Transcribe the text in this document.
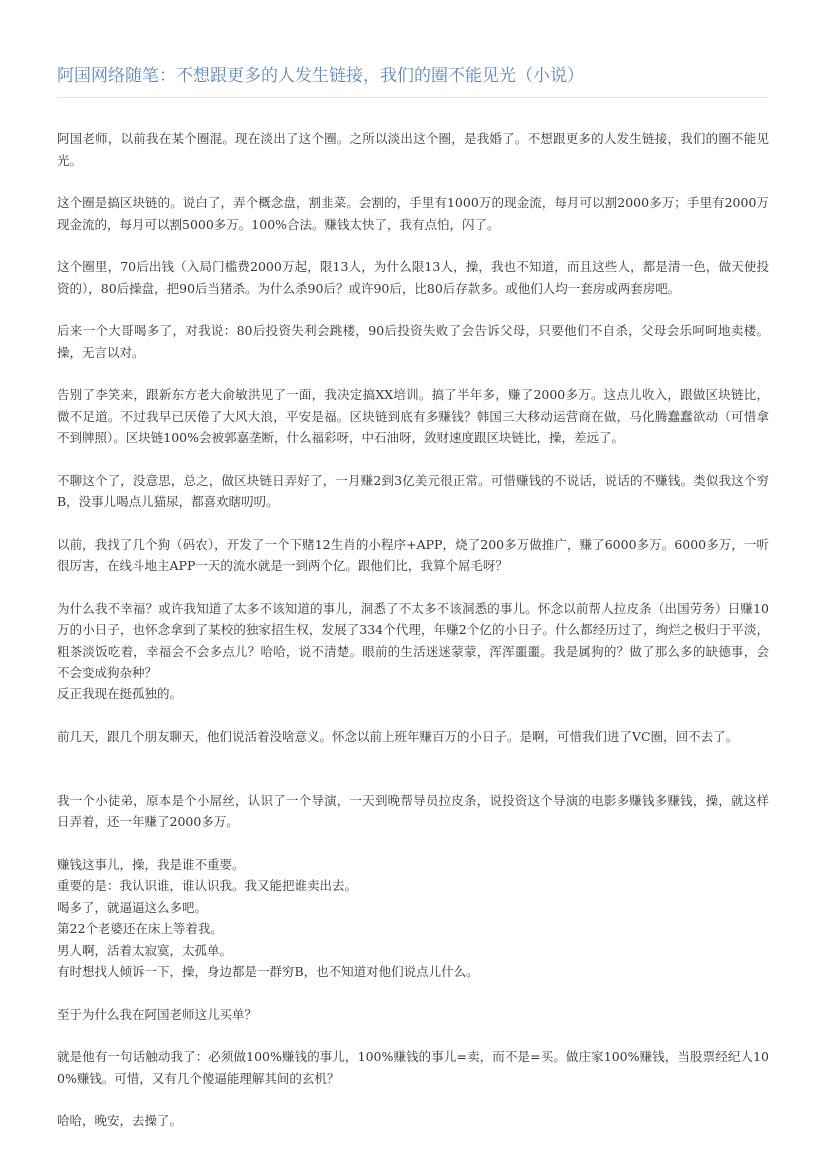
阿国网络随笔：不想跟更多的人发生链接，我们的圈不能见光（小说）

阿国老师，以前我在某个圈混。现在淡出了这个圈。之所以淡出这个圈，是我婚了。不想跟更多的人发生链接，我们的圈不能见光。

这个圈是搞区块链的。说白了，弄个概念盘，割韭菜。会割的，手里有1000万的现金流，每月可以割2000多万；手里有2000万现金流的，每月可以割5000多万。100%合法。赚钱太快了，我有点怕，闪了。

这个圈里，70后出钱（入局门槛费2000万起，限13人，为什么限13人，操，我也不知道，而且这些人，都是清一色，做天使投资的），80后操盘，把90后当猪杀。为什么杀90后？或许90后，比80后存款多。或他们人均一套房或两套房吧。

后来一个大哥喝多了，对我说：80后投资失利会跳楼，90后投资失败了会告诉父母，只要他们不自杀，父母会乐呵呵地卖楼。操，无言以对。

告别了李笑来，跟新东方老大俞敏洪见了一面，我决定搞XX培训。搞了半年多，赚了2000多万。这点儿收入，跟做区块链比，微不足道。不过我早已厌倦了大风大浪，平安是福。区块链到底有多赚钱？韩国三大移动运营商在做，马化腾蠢蠢欲动（可惜拿不到牌照）。区块链100%会被郭嘉垄断，什么福彩呀，中石油呀，敛财速度跟区块链比，操，差远了。

不聊这个了，没意思，总之，做区块链日弄好了，一月赚2到3亿美元很正常。可惜赚钱的不说话，说话的不赚钱。类似我这个穷B，没事儿喝点儿猫尿，都喜欢瞎叨叨。

以前，我找了几个狗（码农），开发了一个下赌12生肖的小程序+APP，烧了200多万做推广，赚了6000多万。6000多万，一听很厉害，在线斗地主APP一天的流水就是一到两个亿。跟他们比，我算个屌毛呀？

为什么我不幸福？或许我知道了太多不该知道的事儿，洞悉了不太多不该洞悉的事儿。怀念以前帮人拉皮条（出国劳务）日赚10万的小日子，也怀念拿到了某校的独家招生权，发展了334个代理，年赚2个亿的小日子。什么都经历过了，绚烂之极归于平淡，粗茶淡饭吃着，幸福会不会多点儿？哈哈，说不清楚。眼前的生活迷迷蒙蒙，浑浑噩噩。我是属狗的？做了那么多的缺德事，会不会变成狗杂种？

反正我现在挺孤独的。

前几天，跟几个朋友聊天，他们说活着没啥意义。怀念以前上班年赚百万的小日子。是啊，可惜我们进了VC圈，回不去了。

我一个小徒弟，原本是个小屌丝，认识了一个导演，一天到晚帮导员拉皮条，说投资这个导演的电影多赚钱多赚钱，操，就这样日弄着，还一年赚了2000多万。

赚钱这事儿，操，我是谁不重要。

重要的是：我认识谁，谁认识我。我又能把谁卖出去。

喝多了，就逼逼这么多吧。

第22个老婆还在床上等着我。

男人啊，活着太寂寞，太孤单。

有时想找人倾诉一下，操，身边都是一群穷B，也不知道对他们说点儿什么。

至于为什么我在阿国老师这儿买单？

就是他有一句话触动我了：必须做100%赚钱的事儿，100%赚钱的事儿=卖，而不是=买。做庄家100%赚钱，当股票经纪人100%赚钱。可惜，又有几个傻逼能理解其间的玄机？

哈哈，晚安，去操了。
